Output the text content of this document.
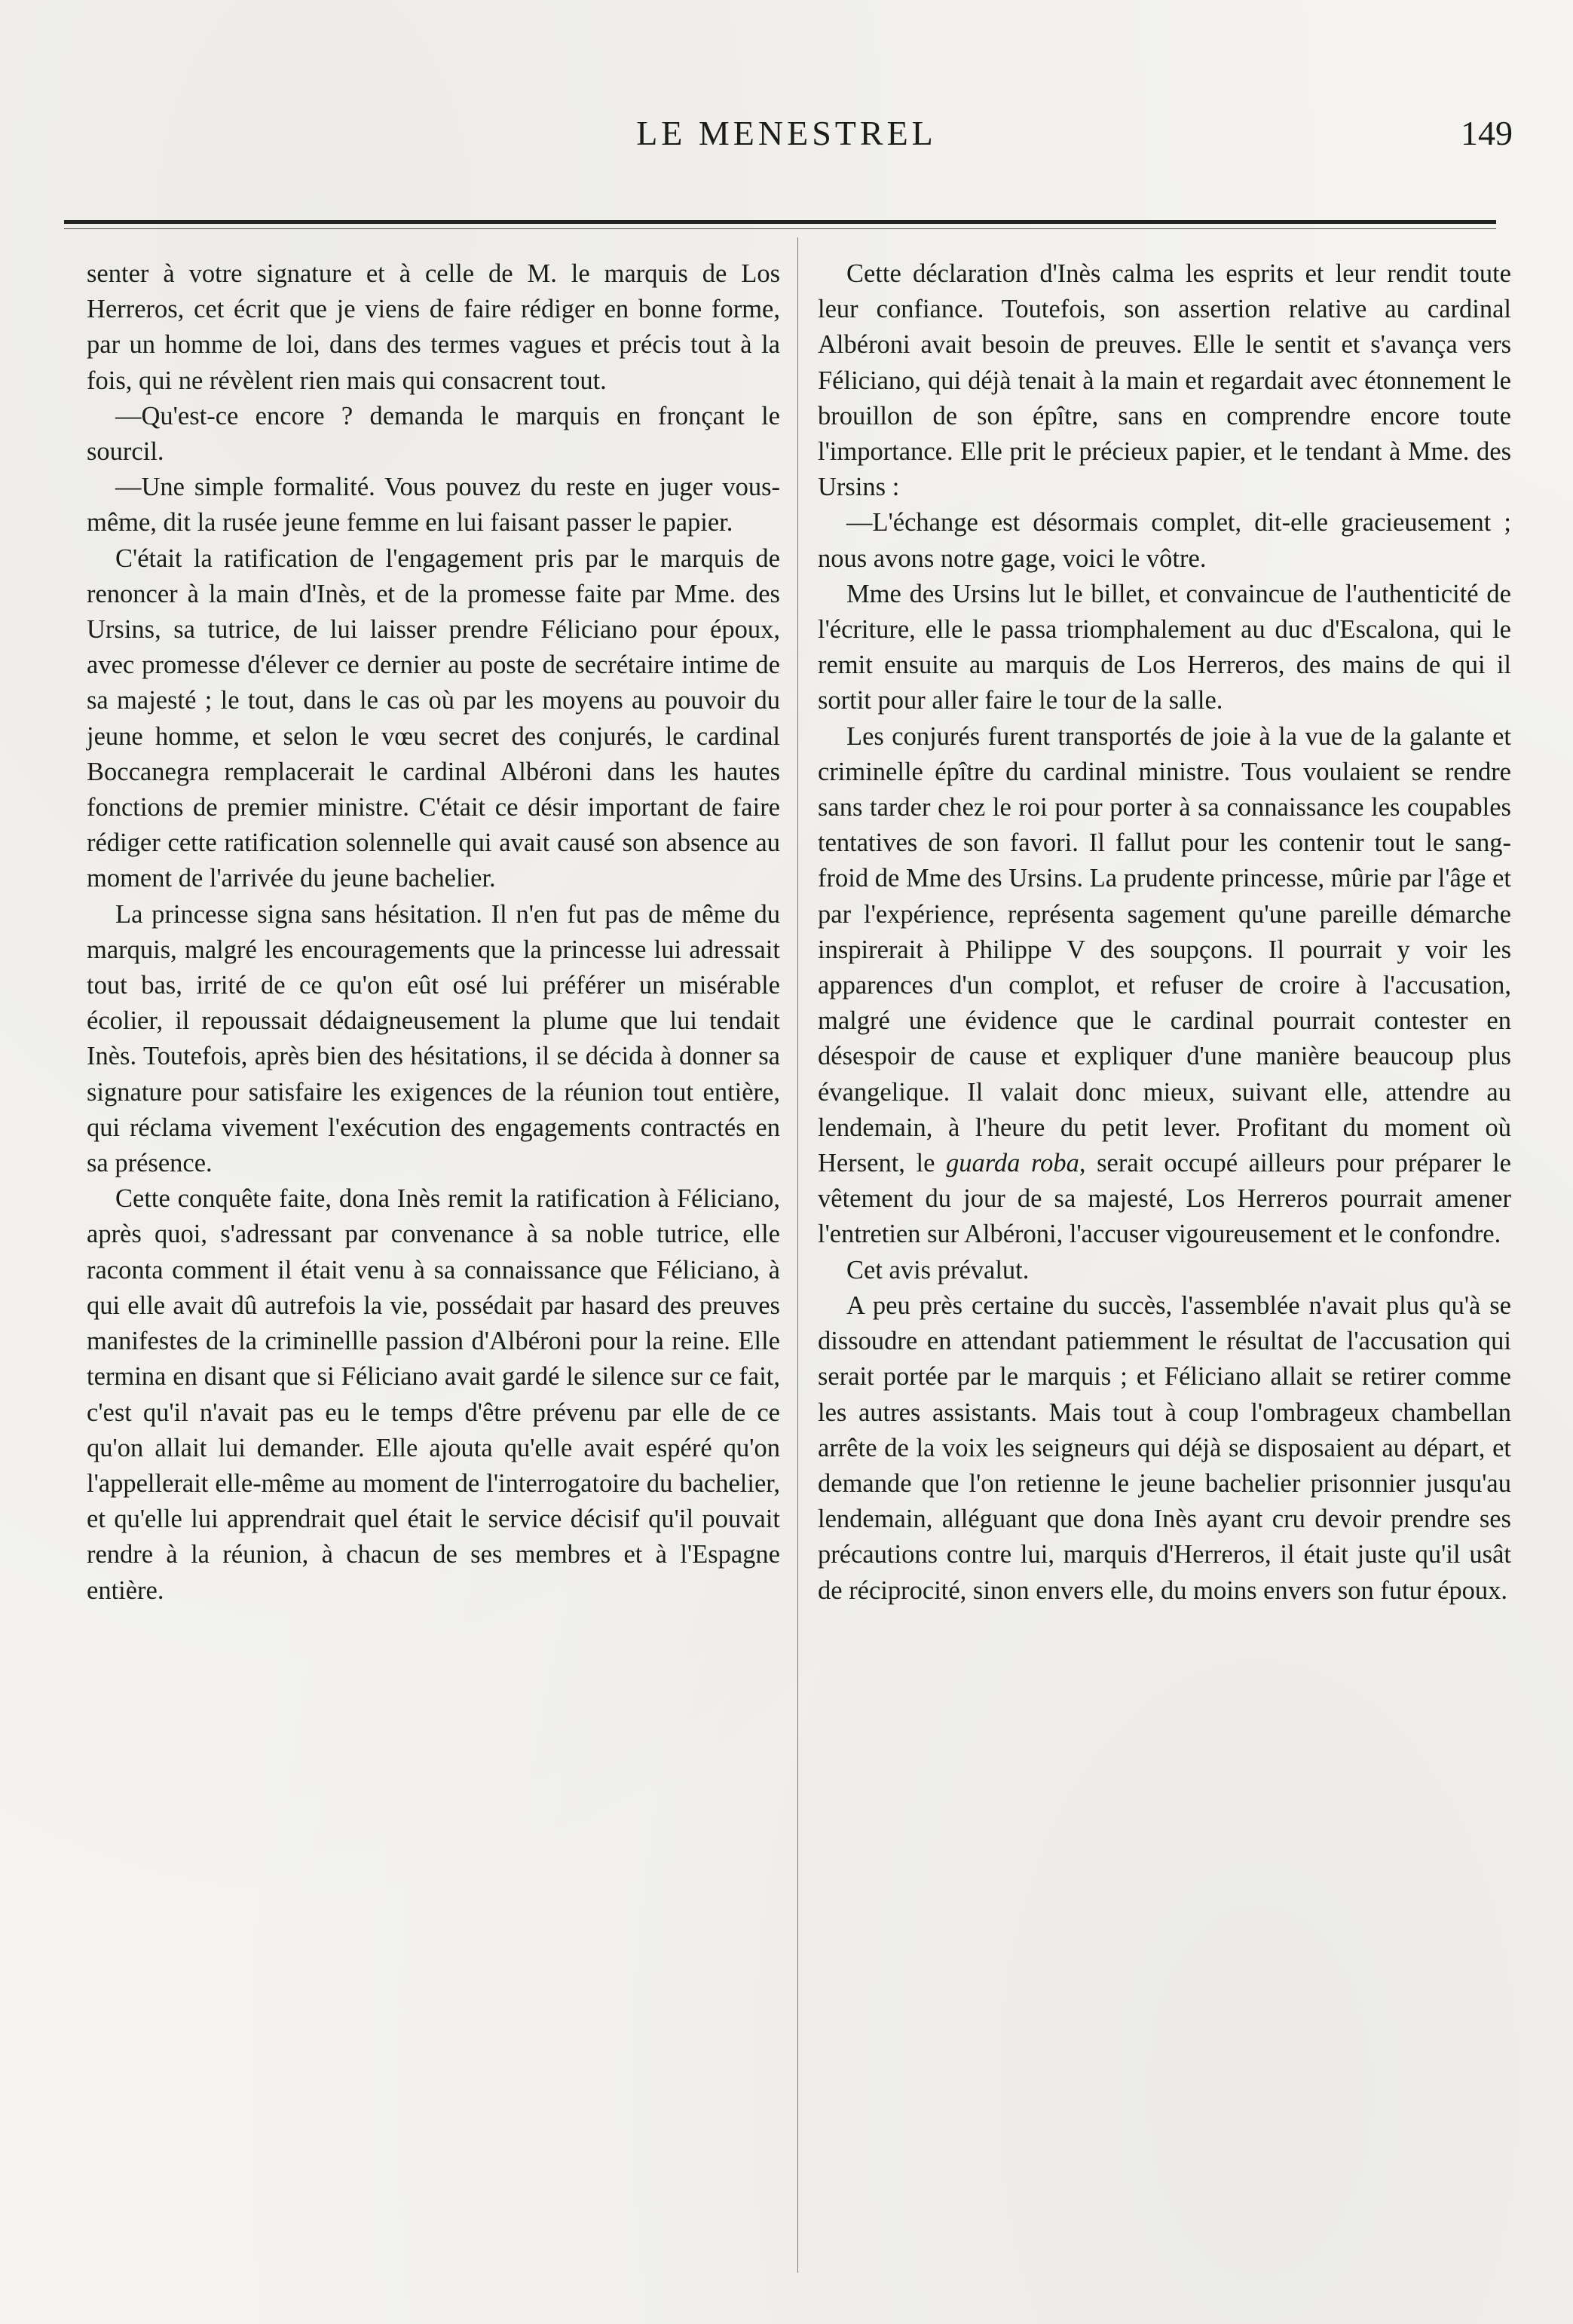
LE MENESTREL	149

senter à votre signature et à celle de M. le marquis de Los Herreros, cet écrit que je viens de faire rédiger en bonne forme, par un homme de loi, dans des termes vagues et précis tout à la fois, qui ne révèlent rien mais qui consacrent tout.

—Qu'est-ce encore ? demanda le marquis en fronçant le sourcil.

—Une simple formalité. Vous pouvez du reste en juger vous-même, dit la rusée jeune femme en lui faisant passer le papier.

C'était la ratification de l'engagement pris par le marquis de renoncer à la main d'Inès, et de la promesse faite par Mme. des Ursins, sa tutrice, de lui laisser prendre Féliciano pour époux, avec promesse d'élever ce dernier au poste de secrétaire intime de sa majesté ; le tout, dans le cas où par les moyens au pouvoir du jeune homme, et selon le vœu secret des conjurés, le cardinal Boccanegra remplacerait le cardinal Albéroni dans les hautes fonctions de premier ministre. C'était ce désir important de faire rédiger cette ratification solennelle qui avait causé son absence au moment de l'arrivée du jeune bachelier.

La princesse signa sans hésitation. Il n'en fut pas de même du marquis, malgré les encouragements que la princesse lui adressait tout bas, irrité de ce qu'on eût osé lui préférer un misérable écolier, il repoussait dédaigneusement la plume que lui tendait Inès. Toutefois, après bien des hésitations, il se décida à donner sa signature pour satisfaire les exigences de la réunion tout entière, qui réclama vivement l'exécution des engagements contractés en sa présence.

Cette conquête faite, dona Inès remit la ratification à Féliciano, après quoi, s'adressant par convenance à sa noble tutrice, elle raconta comment il était venu à sa connaissance que Féliciano, à qui elle avait dû autrefois la vie, possédait par hasard des preuves manifestes de la criminellle passion d'Albéroni pour la reine. Elle termina en disant que si Féliciano avait gardé le silence sur ce fait, c'est qu'il n'avait pas eu le temps d'être prévenu par elle de ce qu'on allait lui demander. Elle ajouta qu'elle avait espéré qu'on l'appellerait elle-même au moment de l'interrogatoire du bachelier, et qu'elle lui apprendrait quel était le service décisif qu'il pouvait rendre à la réunion, à chacun de ses membres et à l'Espagne entière.

Cette déclaration d'Inès calma les esprits et leur rendit toute leur confiance. Toutefois, son assertion relative au cardinal Albéroni avait besoin de preuves. Elle le sentit et s'avança vers Féliciano, qui déjà tenait à la main et regardait avec étonnement le brouillon de son épître, sans en comprendre encore toute l'importance. Elle prit le précieux papier, et le tendant à Mme. des Ursins :

—L'échange est désormais complet, dit-elle gracieusement ; nous avons notre gage, voici le vôtre.

Mme des Ursins lut le billet, et convaincue de l'authenticité de l'écriture, elle le passa triomphalement au duc d'Escalona, qui le remit ensuite au marquis de Los Herreros, des mains de qui il sortit pour aller faire le tour de la salle.

Les conjurés furent transportés de joie à la vue de la galante et criminelle épître du cardinal ministre. Tous voulaient se rendre sans tarder chez le roi pour porter à sa connaissance les coupables tentatives de son favori. Il fallut pour les contenir tout le sang-froid de Mme des Ursins. La prudente princesse, mûrie par l'âge et par l'expérience, représenta sagement qu'une pareille démarche inspirerait à Philippe V des soupçons. Il pourrait y voir les apparences d'un complot, et refuser de croire à l'accusation, malgré une évidence que le cardinal pourrait contester en désespoir de cause et expliquer d'une manière beaucoup plus évangelique. Il valait donc mieux, suivant elle, attendre au lendemain, à l'heure du petit lever. Profitant du moment où Hersent, le guarda roba, serait occupé ailleurs pour préparer le vêtement du jour de sa majesté, Los Herreros pourrait amener l'entretien sur Albéroni, l'accuser vigoureusement et le confondre.

Cet avis prévalut.

A peu près certaine du succès, l'assemblée n'avait plus qu'à se dissoudre en attendant patiemment le résultat de l'accusation qui serait portée par le marquis ; et Féliciano allait se retirer comme les autres assistants. Mais tout à coup l'ombrageux chambellan arrête de la voix les seigneurs qui déjà se disposaient au départ, et demande que l'on retienne le jeune bachelier prisonnier jusqu'au lendemain, alléguant que dona Inès ayant cru devoir prendre ses précautions contre lui, marquis d'Herreros, il était juste qu'il usât de réciprocité, sinon envers elle, du moins envers son futur époux.
